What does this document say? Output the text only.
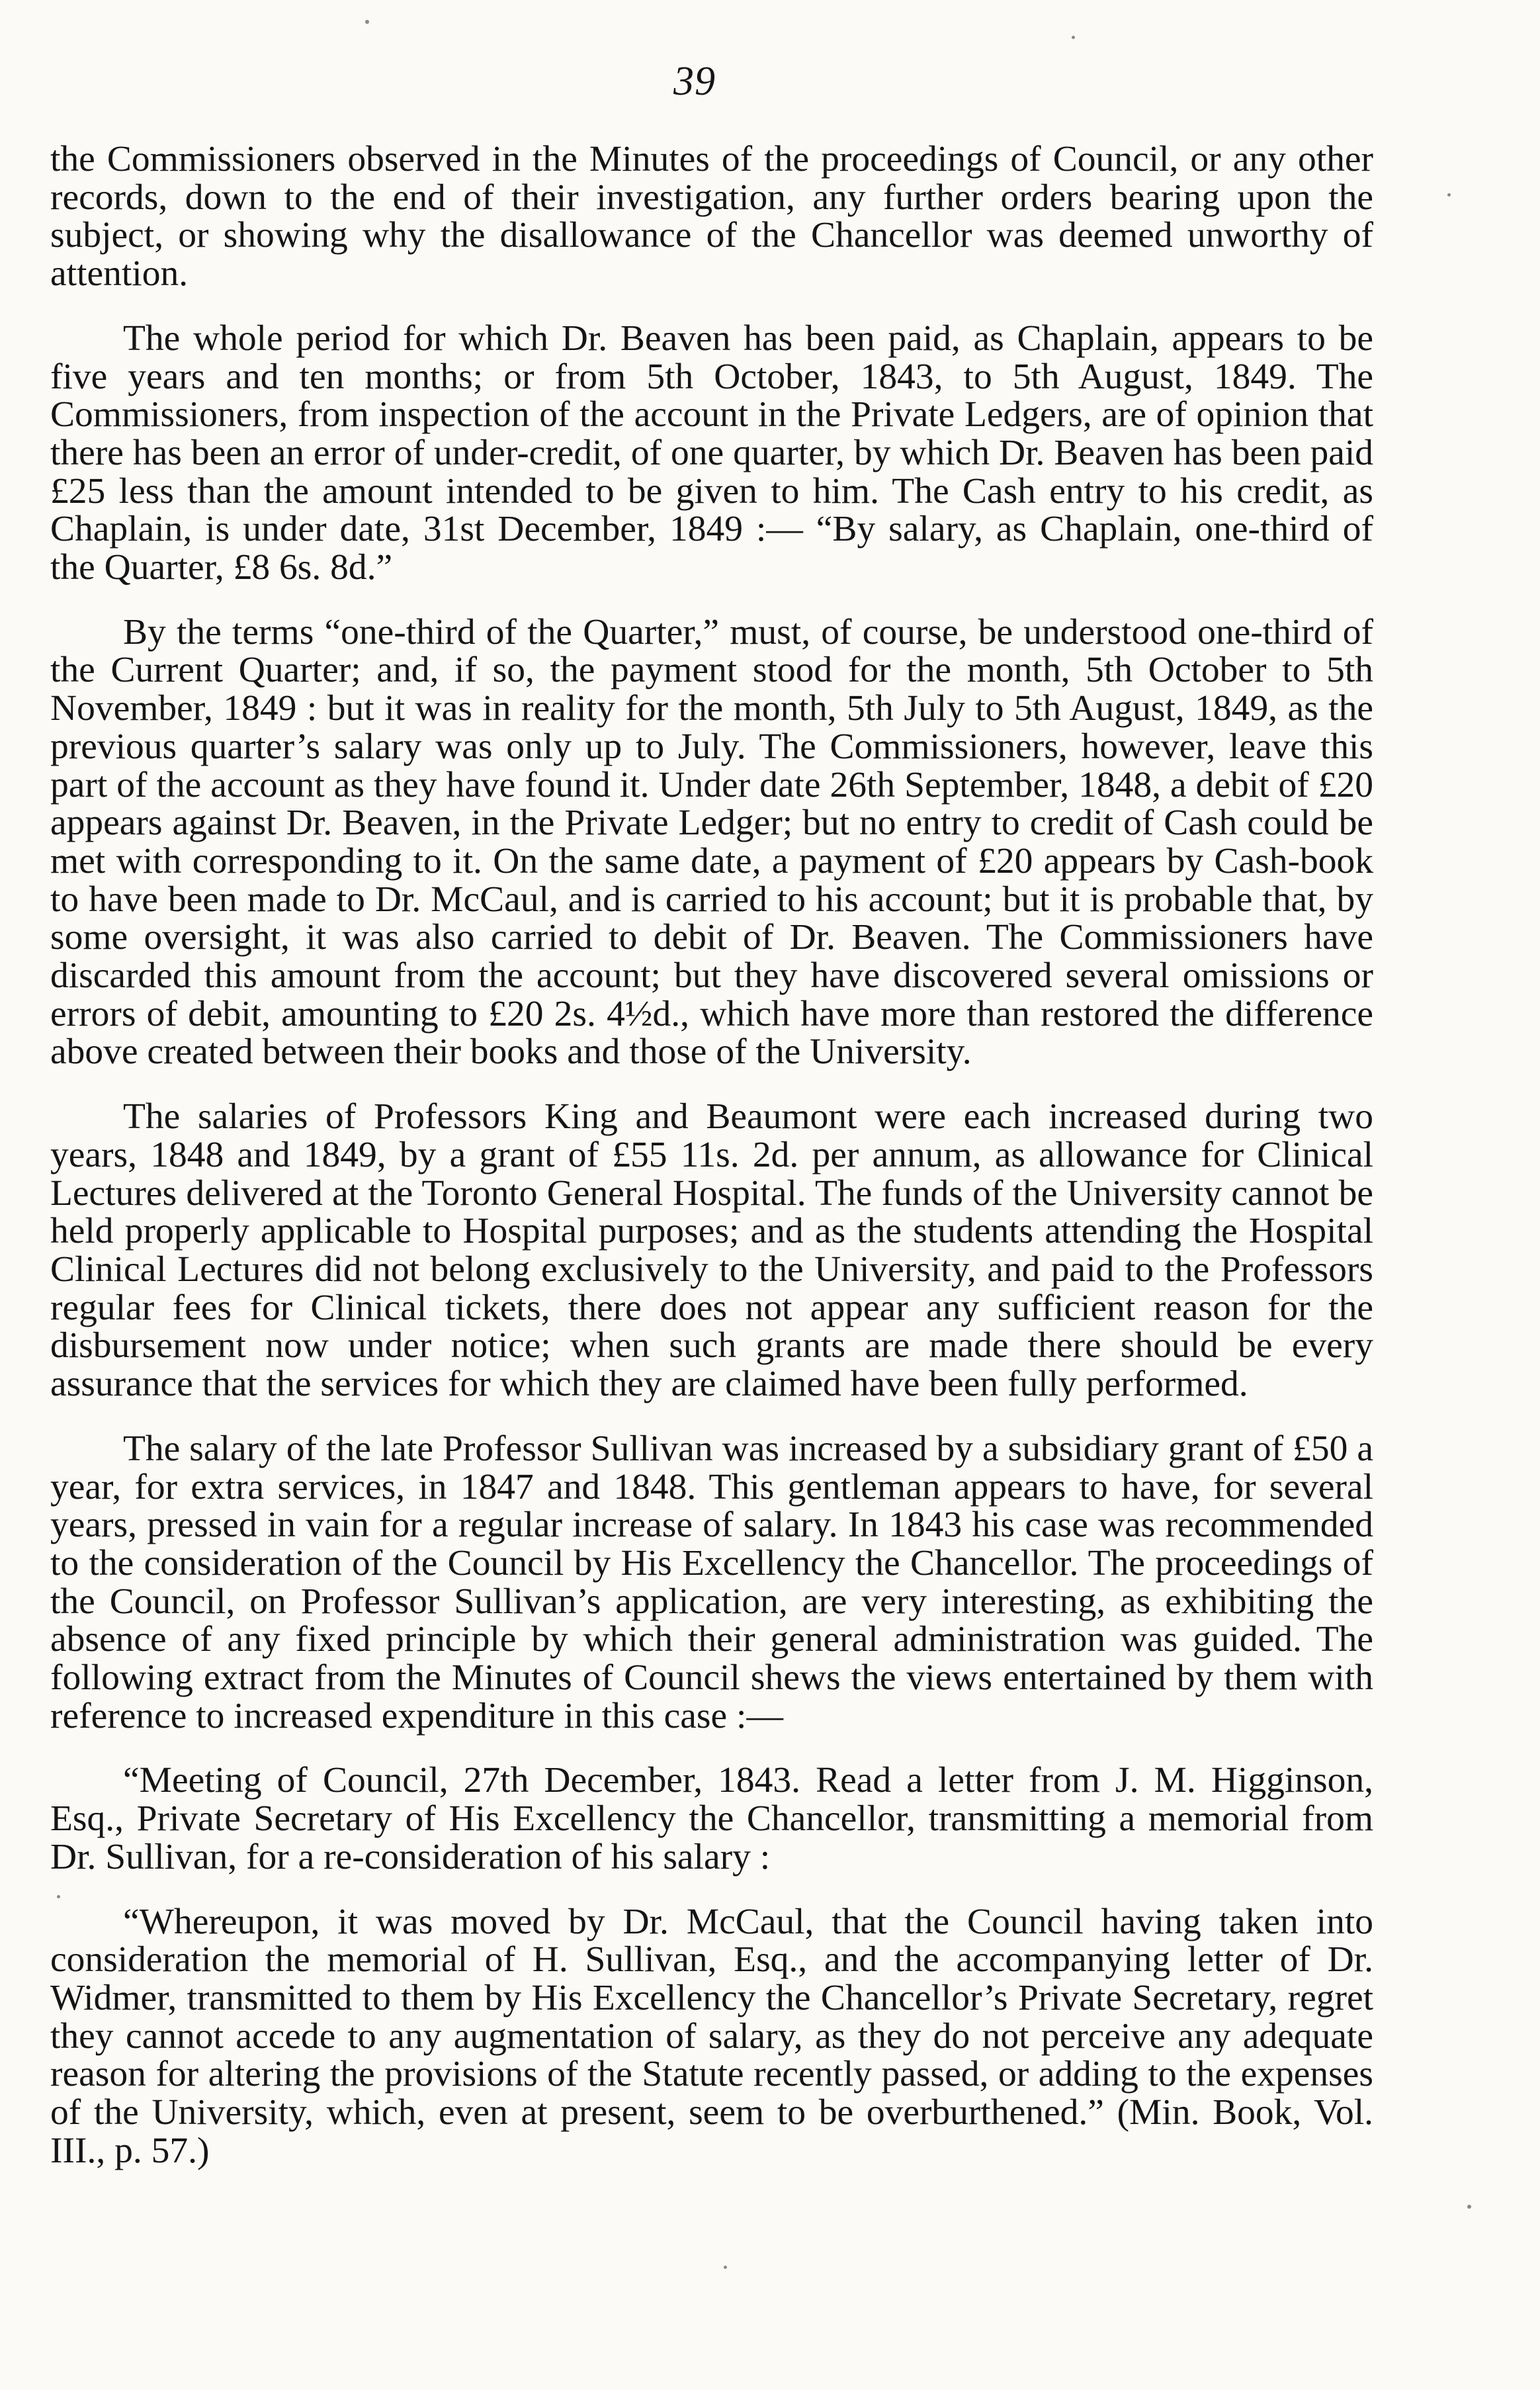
39

the Commissioners observed in the Minutes of the proceedings of Council, or any other records, down to the end of their investigation, any further orders bearing upon the subject, or showing why the disallowance of the Chancellor was deemed unworthy of attention.

The whole period for which Dr. Beaven has been paid, as Chaplain, appears to be five years and ten months; or from 5th October, 1843, to 5th August, 1849. The Commissioners, from inspection of the account in the Private Ledgers, are of opinion that there has been an error of under-credit, of one quarter, by which Dr. Beaven has been paid £25 less than the amount intended to be given to him. The Cash entry to his credit, as Chaplain, is under date, 31st December, 1849 :— “By salary, as Chaplain, one-third of the Quarter, £8 6s. 8d.”

By the terms “one-third of the Quarter,” must, of course, be understood one-third of the Current Quarter; and, if so, the payment stood for the month, 5th October to 5th November, 1849 : but it was in reality for the month, 5th July to 5th August, 1849, as the previous quarter’s salary was only up to July. The Commissioners, however, leave this part of the account as they have found it. Under date 26th September, 1848, a debit of £20 appears against Dr. Beaven, in the Private Ledger; but no entry to credit of Cash could be met with corresponding to it. On the same date, a payment of £20 appears by Cash-book to have been made to Dr. McCaul, and is carried to his account; but it is probable that, by some oversight, it was also carried to debit of Dr. Beaven. The Commissioners have discarded this amount from the account; but they have discovered several omissions or errors of debit, amounting to £20 2s. 4½d., which have more than restored the difference above created between their books and those of the University.

The salaries of Professors King and Beaumont were each increased during two years, 1848 and 1849, by a grant of £55 11s. 2d. per annum, as allowance for Clinical Lectures delivered at the Toronto General Hospital. The funds of the University cannot be held properly applicable to Hospital purposes; and as the students attending the Hospital Clinical Lectures did not belong exclusively to the University, and paid to the Professors regular fees for Clinical tickets, there does not appear any sufficient reason for the disbursement now under notice; when such grants are made there should be every assurance that the services for which they are claimed have been fully performed.

The salary of the late Professor Sullivan was increased by a subsidiary grant of £50 a year, for extra services, in 1847 and 1848. This gentleman appears to have, for several years, pressed in vain for a regular increase of salary. In 1843 his case was recommended to the consideration of the Council by His Excellency the Chancellor. The proceedings of the Council, on Professor Sullivan’s application, are very interesting, as exhibiting the absence of any fixed principle by which their general administration was guided. The following extract from the Minutes of Council shews the views entertained by them with reference to increased expenditure in this case :—

“Meeting of Council, 27th December, 1843. Read a letter from J. M. Higginson, Esq., Private Secretary of His Excellency the Chancellor, transmitting a memorial from Dr. Sullivan, for a re-consideration of his salary :

“Whereupon, it was moved by Dr. McCaul, that the Council having taken into consideration the memorial of H. Sullivan, Esq., and the accompanying letter of Dr. Widmer, transmitted to them by His Excellency the Chancellor’s Private Secretary, regret they cannot accede to any augmentation of salary, as they do not perceive any adequate reason for altering the provisions of the Statute recently passed, or adding to the expenses of the University, which, even at present, seem to be overburthened.” (Min. Book, Vol. III., p. 57.)
